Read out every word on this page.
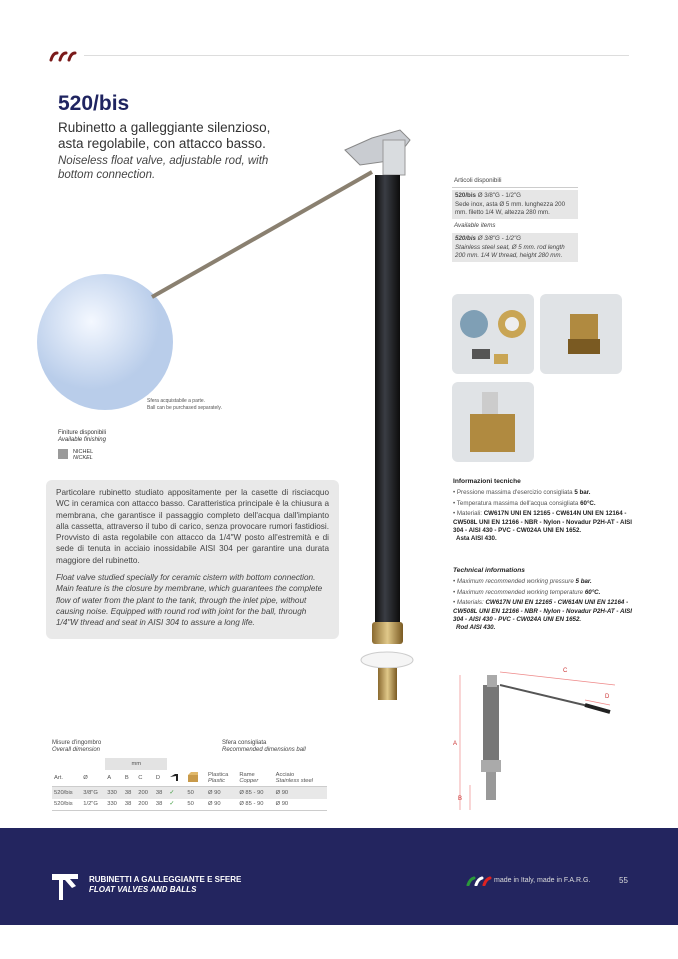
520/bis
Rubinetto a galleggiante silenzioso, asta regolabile, con attacco basso.
Noiseless float valve, adjustable rod, with bottom connection.
Sfera acquistabile a parte.
Ball can be purchased separately.
Finiture disponibili
Available finishing
NICHEL
NICKEL

Particolare rubinetto studiato appositamente per la casette di risciacquo WC in ceramica con attacco basso. Caratteristica principale è la chiusura a membrana, che garantisce il passaggio completo dell'acqua dall'impianto alla cassetta, attraverso il tubo di carico, senza provocare rumori fastidiosi. Provvisto di asta regolabile con attacco da 1/4"W posto all'estremità e di sede di tenuta in acciaio inossidabile AISI 304 per garantire una durata maggiore del rubinetto.

Float valve studied specially for ceramic cistern with bottom connection. Main feature is the closure by membrane, which guarantees the complete flow of water from the plant to the tank, through the inlet pipe, without causing noise. Equipped with round rod with joint for the ball, through 1/4"W thread and seat in AISI 304 to assure a long life.

Articoli disponibili
520/bis Ø 3/8"G - 1/2"G
Sede inox, asta Ø 5 mm. lunghezza 200 mm. filetto 1/4 W, altezza 280 mm.
Available items
520/bis Ø 3/8"G - 1/2"G
Stainless steel seat, Ø 5 mm. rod length 200 mm. 1/4 W thread, height 280 mm.
Informazioni tecniche
• Pressione massima d'esercizio consigliata 5 bar.
• Temperatura massima dell'acqua consigliata 60°C.
• Materiali: CW617N UNI EN 12165 - CW614N UNI EN 12164 - CW508L UNI EN 12166 - NBR - Nylon - Novadur P2H-AT - AISI 304 - AISI 430 - PVC - CW024A UNI EN 1652.
Asta AISI 430.
Technical informations
• Maximum recommended working pressure 5 bar.
• Maximum recommended working temperature 60°C.
• Materials: CW617N UNI EN 12165 - CW614N UNI EN 12164 - CW508L UNI EN 12166 - NBR - Nylon - Novadur P2H-AT - AISI 304 - AISI 430 - PVC - CW024A UNI EN 1652.
Rod AISI 430.
A
B
C
D
Misure d'ingombro
Overall dimension
Sfera consigliata
Recommended dimensions ball
		mm								
Art.	Ø	A	B	C	D			Plastica
Plastic	Rame
Copper	Acciaio
Stainless steel
520/bis	3/8"G	330	38	200	38	✓	50	Ø 90	Ø 85 - 90	Ø 90
520/bis	1/2"G	330	38	200	38	✓	50	Ø 90	Ø 85 - 90	Ø 90
RUBINETTI A GALLEGGIANTE E SFERE
FLOAT VALVES AND BALLS
made in Italy, made in F.A.R.G.	55
